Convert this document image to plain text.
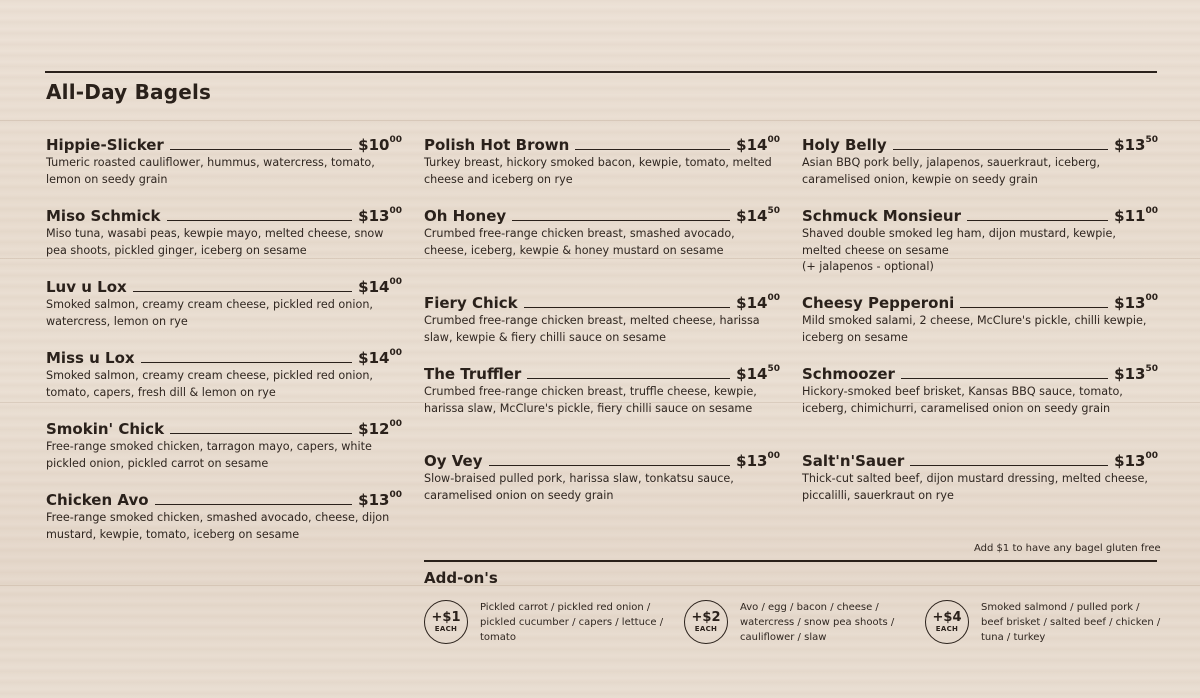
All-Day Bagels
Hippie-Slicker	$\$10^{00}$
Tumeric roasted cauliflower, hummus, watercress, tomato, lemon on seedy grain
Miso Schmick	$\$13^{00}$
Miso tuna, wasabi peas, kewpie mayo, melted cheese, snow pea shoots, pickled ginger, iceberg on sesame
Luv u Lox	$\$14^{00}$
Smoked salmon, creamy cream cheese, pickled red onion, watercress, lemon on rye
Miss u Lox	$\$14^{00}$
Smoked salmon, creamy cream cheese, pickled red onion, tomato, capers, fresh dill & lemon on rye
Smokin' Chick	$\$12^{00}$
Free-range smoked chicken, tarragon mayo, capers, white pickled onion, pickled carrot on sesame
Chicken Avo	$\$13^{00}$
Free-range smoked chicken, smashed avocado, cheese, dijon mustard, kewpie, tomato, iceberg on sesame
Polish Hot Brown	$\$14^{00}$
Turkey breast, hickory smoked bacon, kewpie, tomato, melted cheese and iceberg on rye
Oh Honey	$\$14^{50}$
Crumbed free-range chicken breast, smashed avocado, cheese, iceberg, kewpie & honey mustard on sesame
Fiery Chick	$\$14^{00}$
Crumbed free-range chicken breast, melted cheese, harissa slaw, kewpie & fiery chilli sauce on sesame
The Truffler	$\$14^{50}$
Crumbed free-range chicken breast, truffle cheese, kewpie, harissa slaw, McClure's pickle, fiery chilli sauce on sesame
Oy Vey	$\$13^{00}$
Slow-braised pulled pork, harissa slaw, tonkatsu sauce, caramelised onion on seedy grain
Holy Belly	$\$13^{50}$
Asian BBQ pork belly, jalapenos, sauerkraut, iceberg, caramelised onion, kewpie on seedy grain
Schmuck Monsieur	$\$11^{00}$
Shaved double smoked leg ham, dijon mustard, kewpie, melted cheese on sesame
(+ jalapenos - optional)
Cheesy Pepperoni	$\$13^{00}$
Mild smoked salami, 2 cheese, McClure's pickle, chilli kewpie, iceberg on sesame
Schmoozer	$\$13^{50}$
Hickory-smoked beef brisket, Kansas BBQ sauce, tomato, iceberg, chimichurri, caramelised onion on seedy grain
Salt'n'Sauer	$\$13^{00}$
Thick-cut salted beef, dijon mustard dressing, melted cheese, piccalilli, sauerkraut on rye
Add $1 to have any bagel gluten free
Add-on's
+$1
EACH
Pickled carrot / pickled red onion / pickled cucumber / capers / lettuce / tomato
+$2
EACH
Avo / egg / bacon / cheese / watercress / snow pea shoots / cauliflower / slaw
+$4
EACH
Smoked salmond / pulled pork / beef brisket / salted beef / chicken / tuna / turkey
